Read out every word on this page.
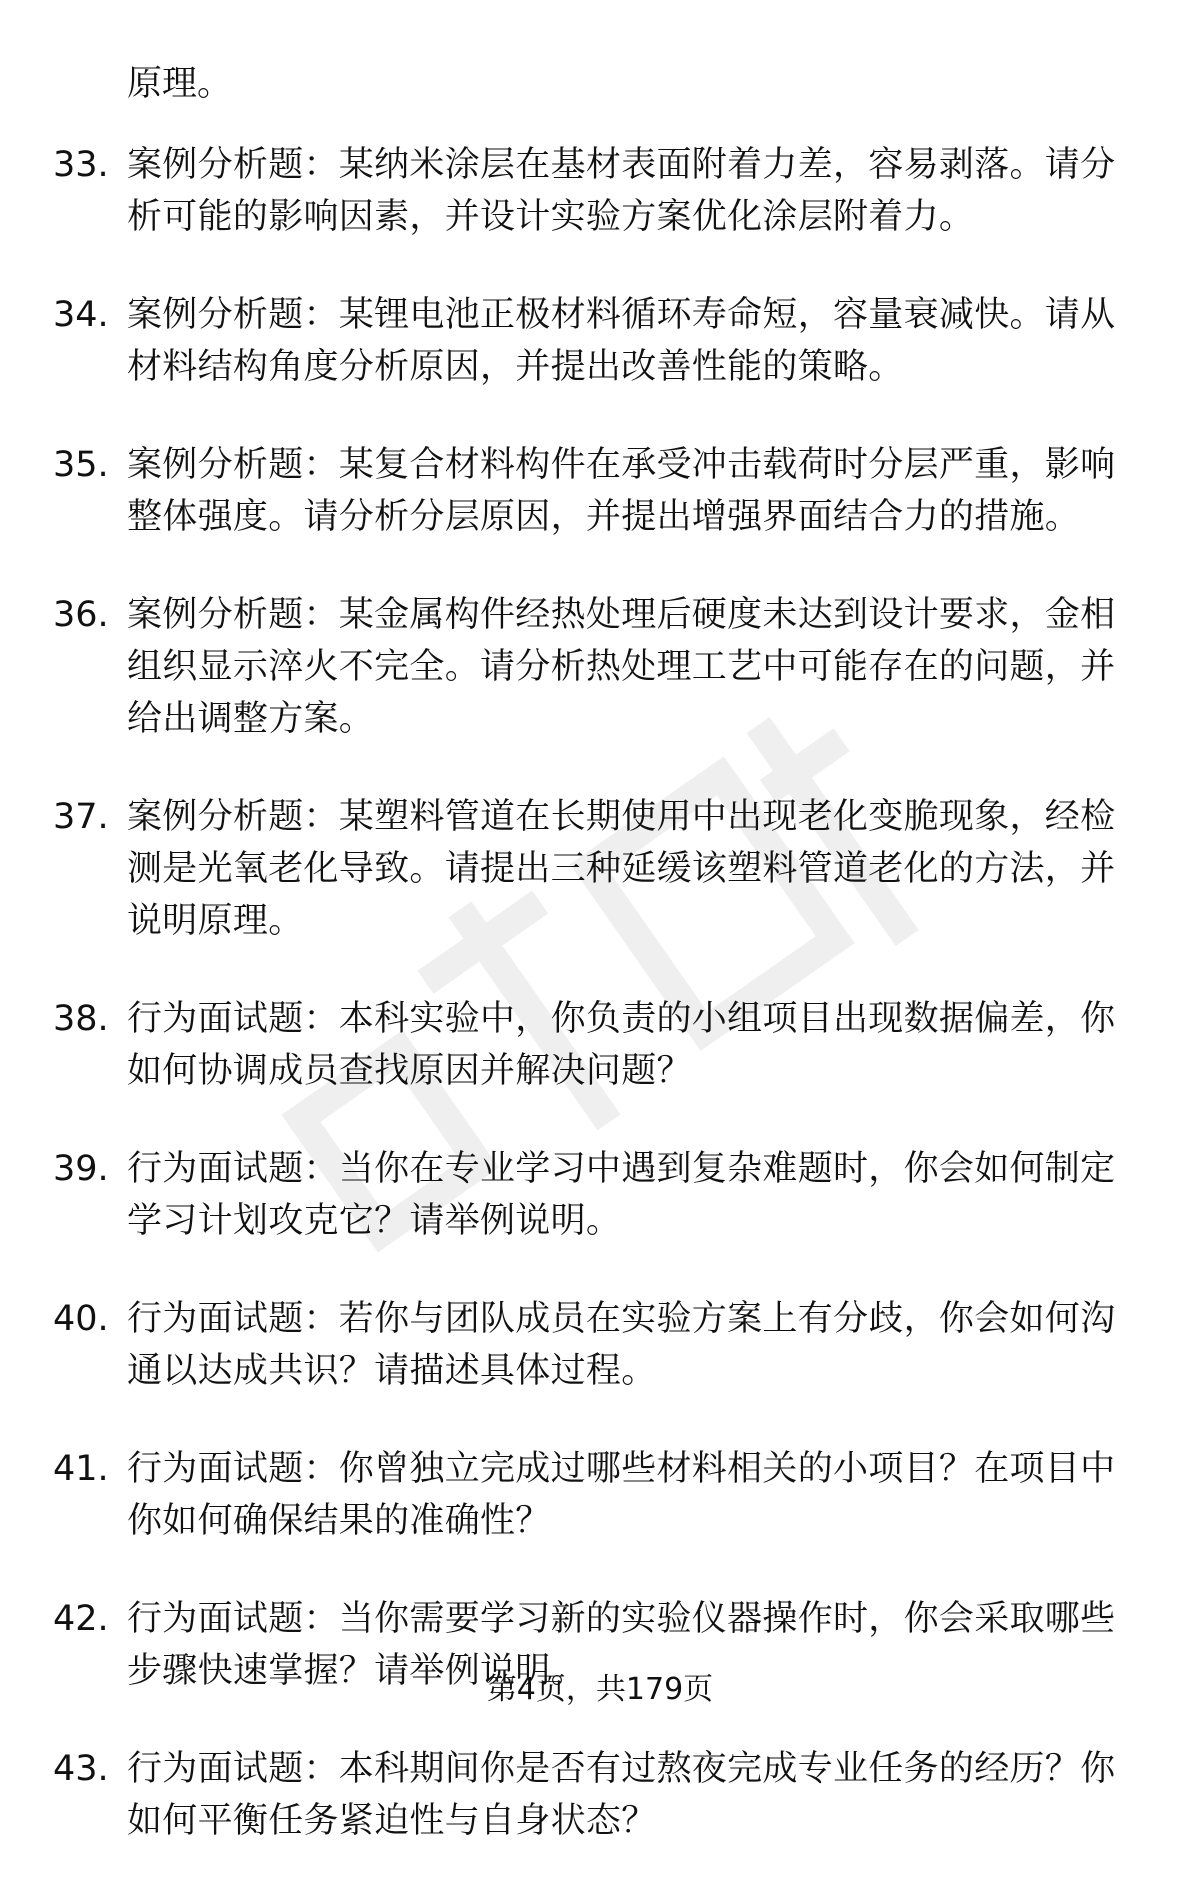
原理。
33. 案例分析题：某纳米涂层在基材表面附着力差，容易剥落。请分析可能的影响因素，并设计实验方案优化涂层附着力。
34. 案例分析题：某锂电池正极材料循环寿命短，容量衰减快。请从材料结构角度分析原因，并提出改善性能的策略。
35. 案例分析题：某复合材料构件在承受冲击载荷时分层严重，影响整体强度。请分析分层原因，并提出增强界面结合力的措施。
36. 案例分析题：某金属构件经热处理后硬度未达到设计要求，金相组织显示淬火不完全。请分析热处理工艺中可能存在的问题，并给出调整方案。
37. 案例分析题：某塑料管道在长期使用中出现老化变脆现象，经检测是光氧老化导致。请提出三种延缓该塑料管道老化的方法，并说明原理。
38. 行为面试题：本科实验中，你负责的小组项目出现数据偏差，你如何协调成员查找原因并解决问题？
39. 行为面试题：当你在专业学习中遇到复杂难题时，你会如何制定学习计划攻克它？请举例说明。
40. 行为面试题：若你与团队成员在实验方案上有分歧，你会如何沟通以达成共识？请描述具体过程。
41. 行为面试题：你曾独立完成过哪些材料相关的小项目？在项目中你如何确保结果的准确性？
42. 行为面试题：当你需要学习新的实验仪器操作时，你会采取哪些步骤快速掌握？请举例说明。
43. 行为面试题：本科期间你是否有过熬夜完成专业任务的经历？你如何平衡任务紧迫性与自身状态？
第4页，共179页
